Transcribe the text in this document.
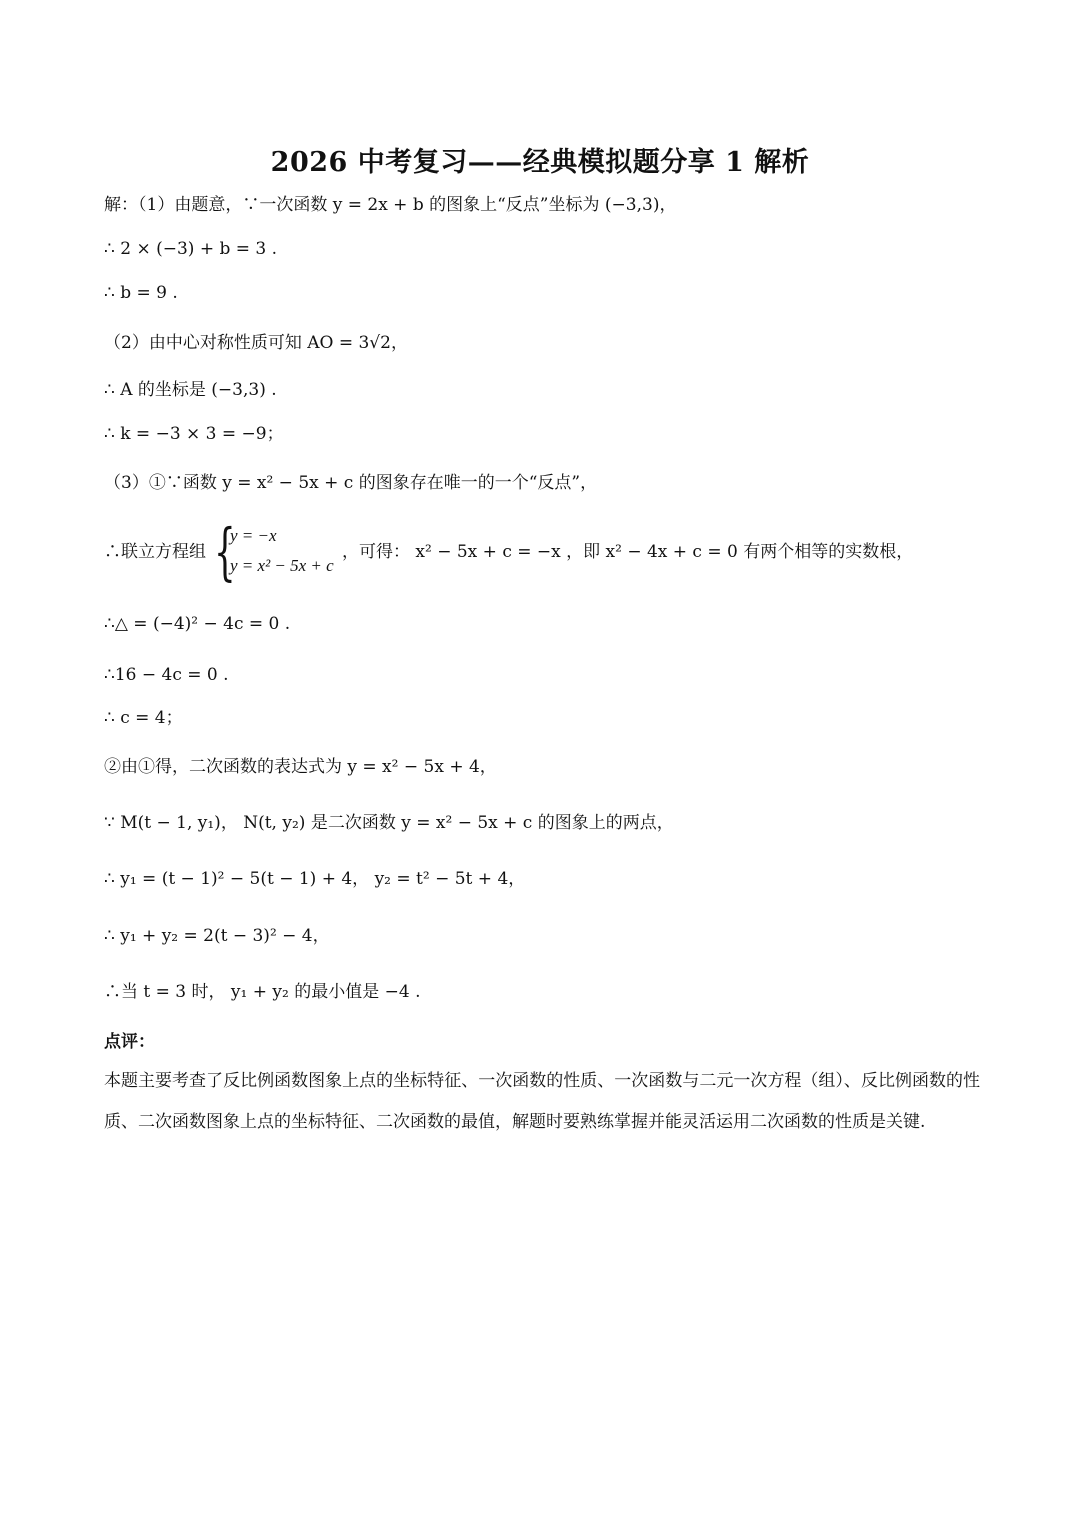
2026 中考复习——经典模拟题分享 1 解析
解：（1）由题意，∵一次函数 y = 2x + b 的图象上“反点”坐标为 (−3,3)，
∴ 2 × (−3) + b = 3 .
∴ b = 9 .
（2）由中心对称性质可知 AO = 3√2，
∴ A 的坐标是 (−3,3) .
∴ k = −3 × 3 = −9；
（3）①∵函数 y = x² − 5x + c 的图象存在唯一的一个“反点”，
∴联立方程组 {
y = −x
y = x² − 5x + c
，可得： x² − 5x + c = −x ，即 x² − 4x + c = 0 有两个相等的实数根，
∴△ = (−4)² − 4c = 0 .
∴16 − 4c = 0 .
∴ c = 4；
②由①得，二次函数的表达式为 y = x² − 5x + 4，
∵ M(t − 1, y₁)， N(t, y₂) 是二次函数 y = x² − 5x + c 的图象上的两点，
∴ y₁ = (t − 1)² − 5(t − 1) + 4， y₂ = t² − 5t + 4，
∴ y₁ + y₂ = 2(t − 3)² − 4，
∴当 t = 3 时， y₁ + y₂ 的最小值是 −4 .
点评：
本题主要考查了反比例函数图象上点的坐标特征、一次函数的性质、一次函数与二元一次方程（组）、反比例函数的性质、二次函数图象上点的坐标特征、二次函数的最值，解题时要熟练掌握并能灵活运用二次函数的性质是关键.
